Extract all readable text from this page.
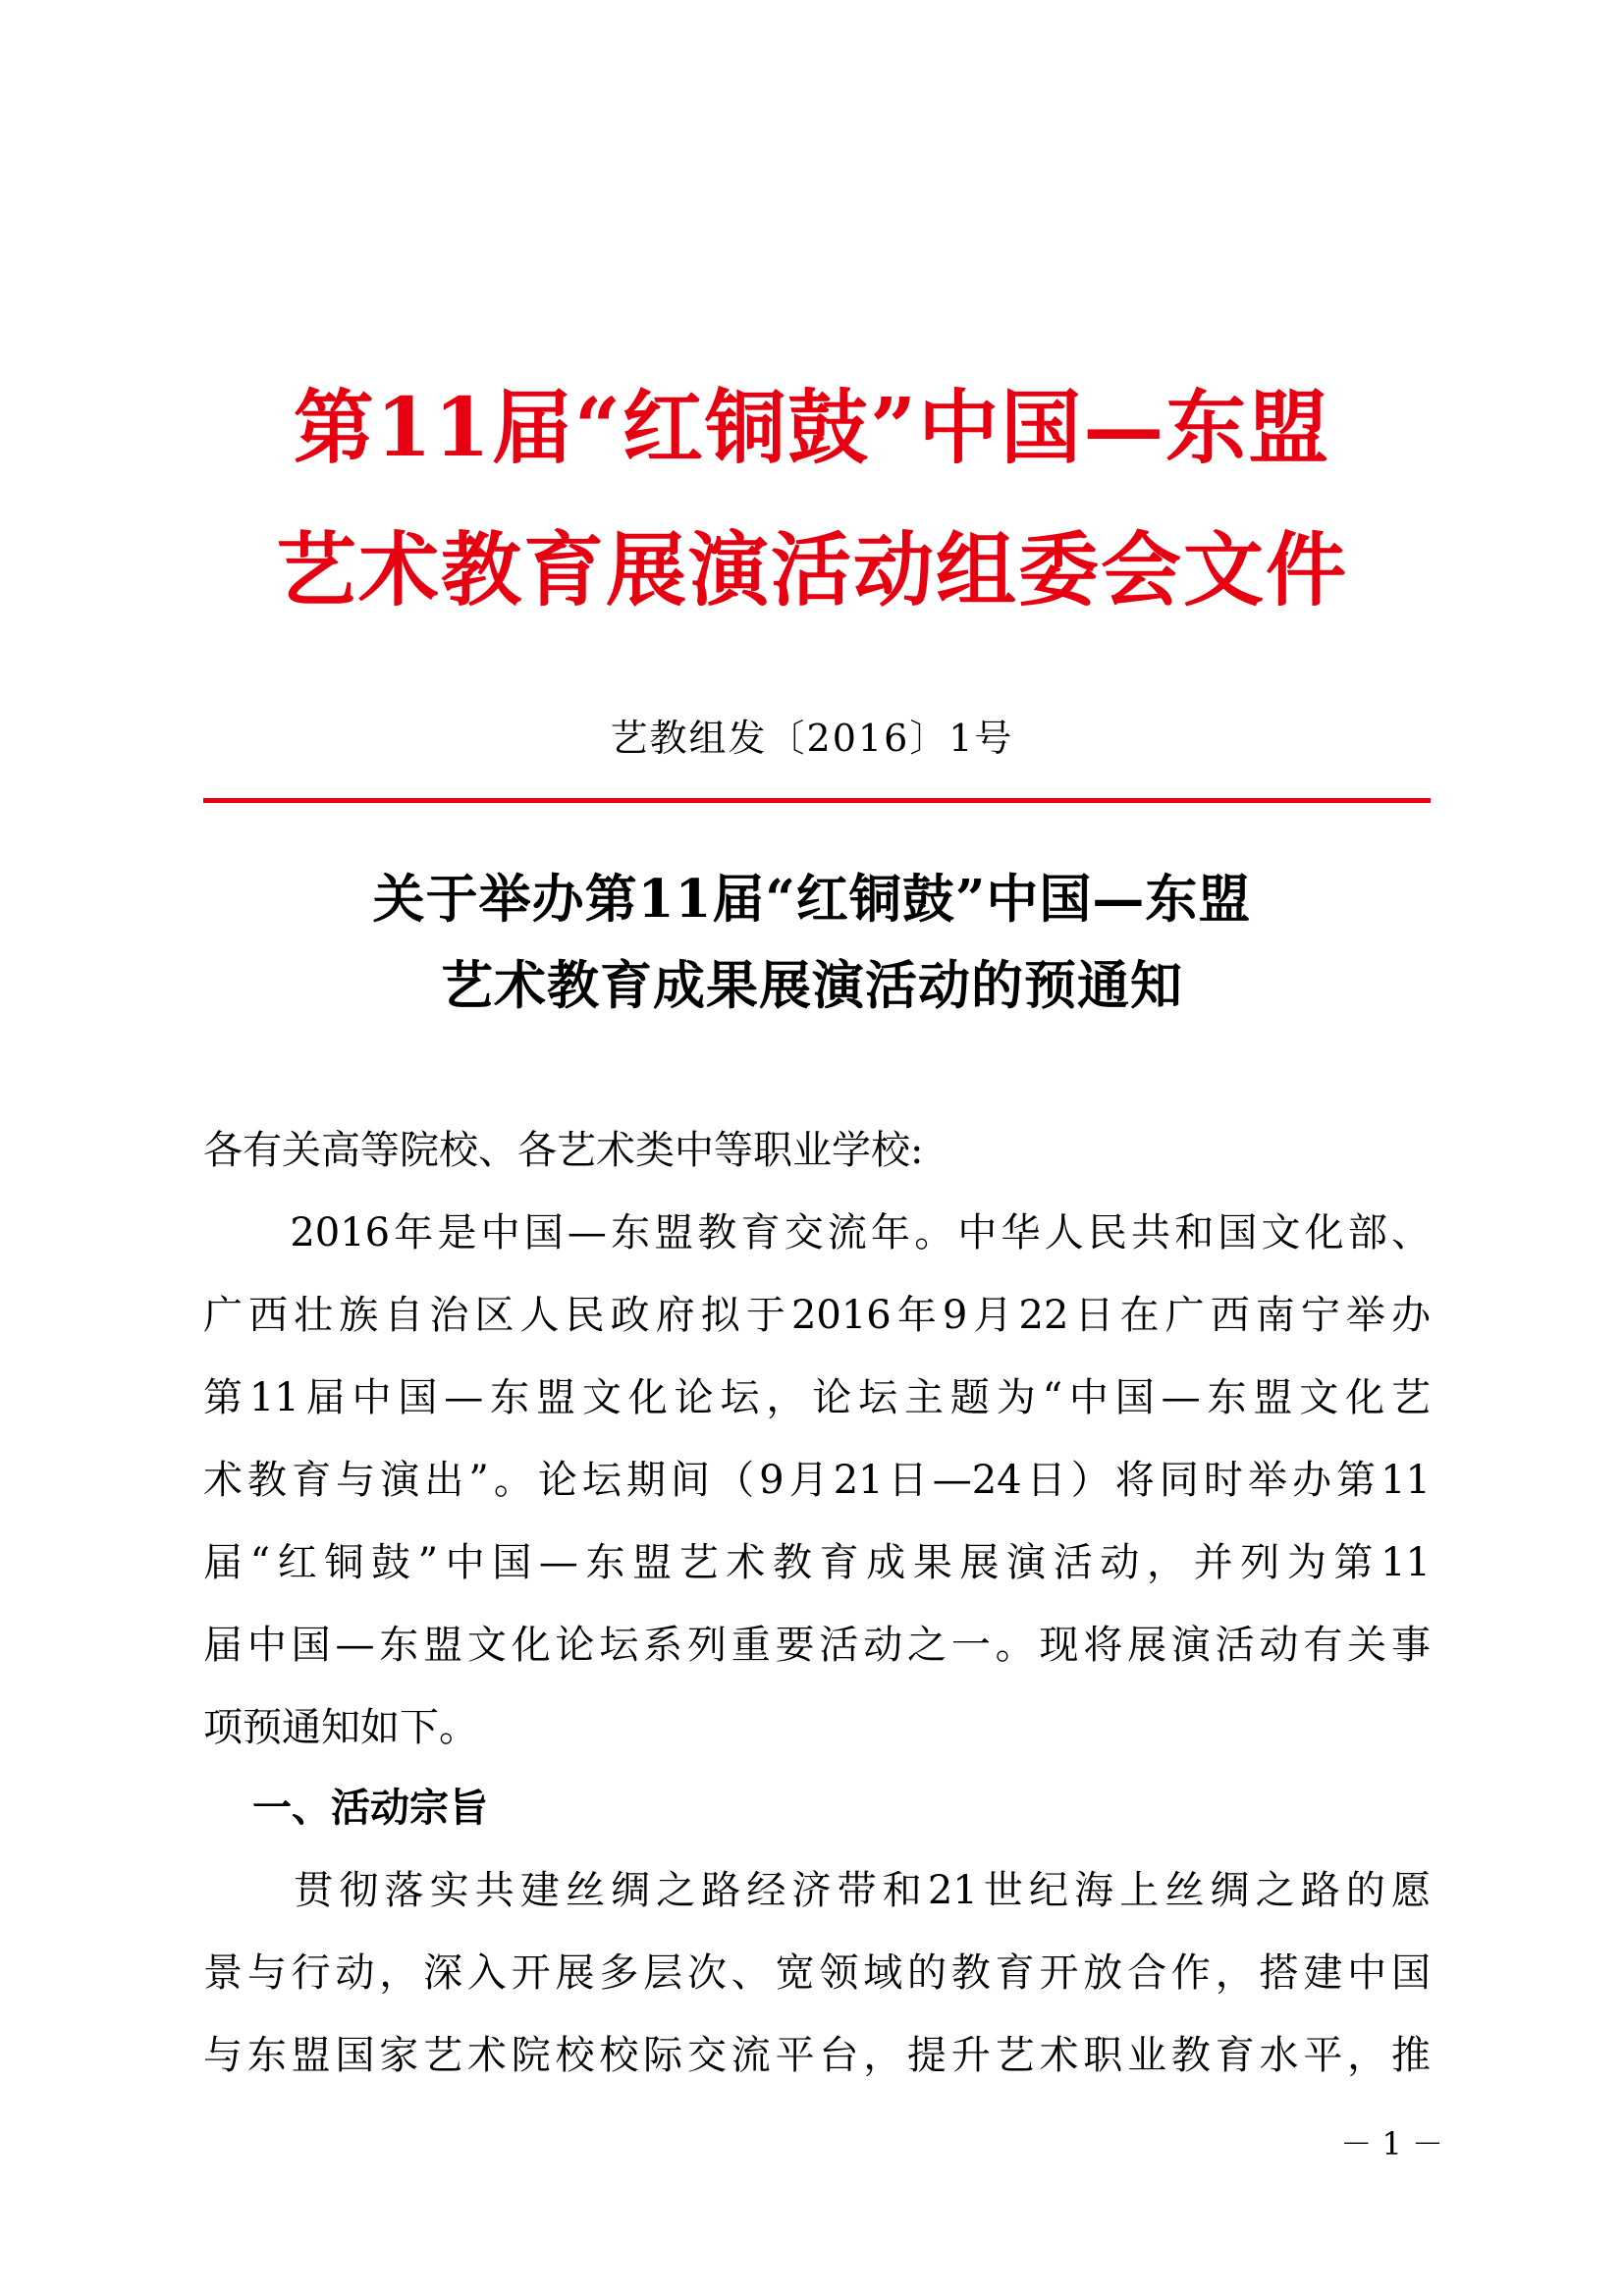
第11届“红铜鼓”中国—东盟
艺术教育展演活动组委会文件
艺教组发〔2016〕1号
关于举办第11届“红铜鼓”中国—东盟
艺术教育成果展演活动的预通知
各有关高等院校、各艺术类中等职业学校:
　　2016年是中国—东盟教育交流年。中华人民共和国文化部、
广西壮族自治区人民政府拟于2016年9月22日在广西南宁举办
第11届中国—东盟文化论坛，论坛主题为“中国—东盟文化艺
术教育与演出”。论坛期间（9月21日—24日）将同时举办第11
届“红铜鼓”中国—东盟艺术教育成果展演活动，并列为第11
届中国—东盟文化论坛系列重要活动之一。现将展演活动有关事
项预通知如下。
一、活动宗旨
　　贯彻落实共建丝绸之路经济带和21世纪海上丝绸之路的愿
景与行动，深入开展多层次、宽领域的教育开放合作，搭建中国
与东盟国家艺术院校校际交流平台，提升艺术职业教育水平，推
－ 1 －
